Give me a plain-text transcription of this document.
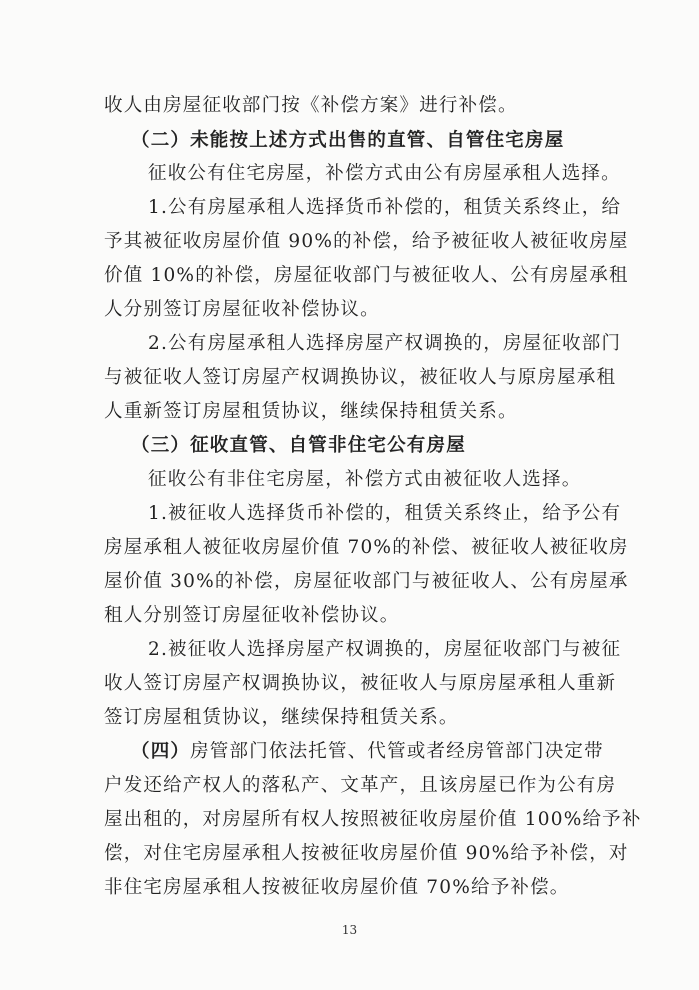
收人由房屋征收部门按《补偿方案》进行补偿。
（二）未能按上述方式出售的直管、自管住宅房屋
征收公有住宅房屋，补偿方式由公有房屋承租人选择。
1.公有房屋承租人选择货币补偿的，租赁关系终止，给
予其被征收房屋价值 90%的补偿，给予被征收人被征收房屋
价值 10%的补偿，房屋征收部门与被征收人、公有房屋承租
人分别签订房屋征收补偿协议。
2.公有房屋承租人选择房屋产权调换的，房屋征收部门
与被征收人签订房屋产权调换协议，被征收人与原房屋承租
人重新签订房屋租赁协议，继续保持租赁关系。
（三）征收直管、自管非住宅公有房屋
征收公有非住宅房屋，补偿方式由被征收人选择。
1.被征收人选择货币补偿的，租赁关系终止，给予公有
房屋承租人被征收房屋价值 70%的补偿、被征收人被征收房
屋价值 30%的补偿，房屋征收部门与被征收人、公有房屋承
租人分别签订房屋征收补偿协议。
2.被征收人选择房屋产权调换的，房屋征收部门与被征
收人签订房屋产权调换协议，被征收人与原房屋承租人重新
签订房屋租赁协议，继续保持租赁关系。
（四）房管部门依法托管、代管或者经房管部门决定带
户发还给产权人的落私产、文革产，且该房屋已作为公有房
屋出租的，对房屋所有权人按照被征收房屋价值 100%给予补
偿，对住宅房屋承租人按被征收房屋价值 90%给予补偿，对
非住宅房屋承租人按被征收房屋价值 70%给予补偿。
13
